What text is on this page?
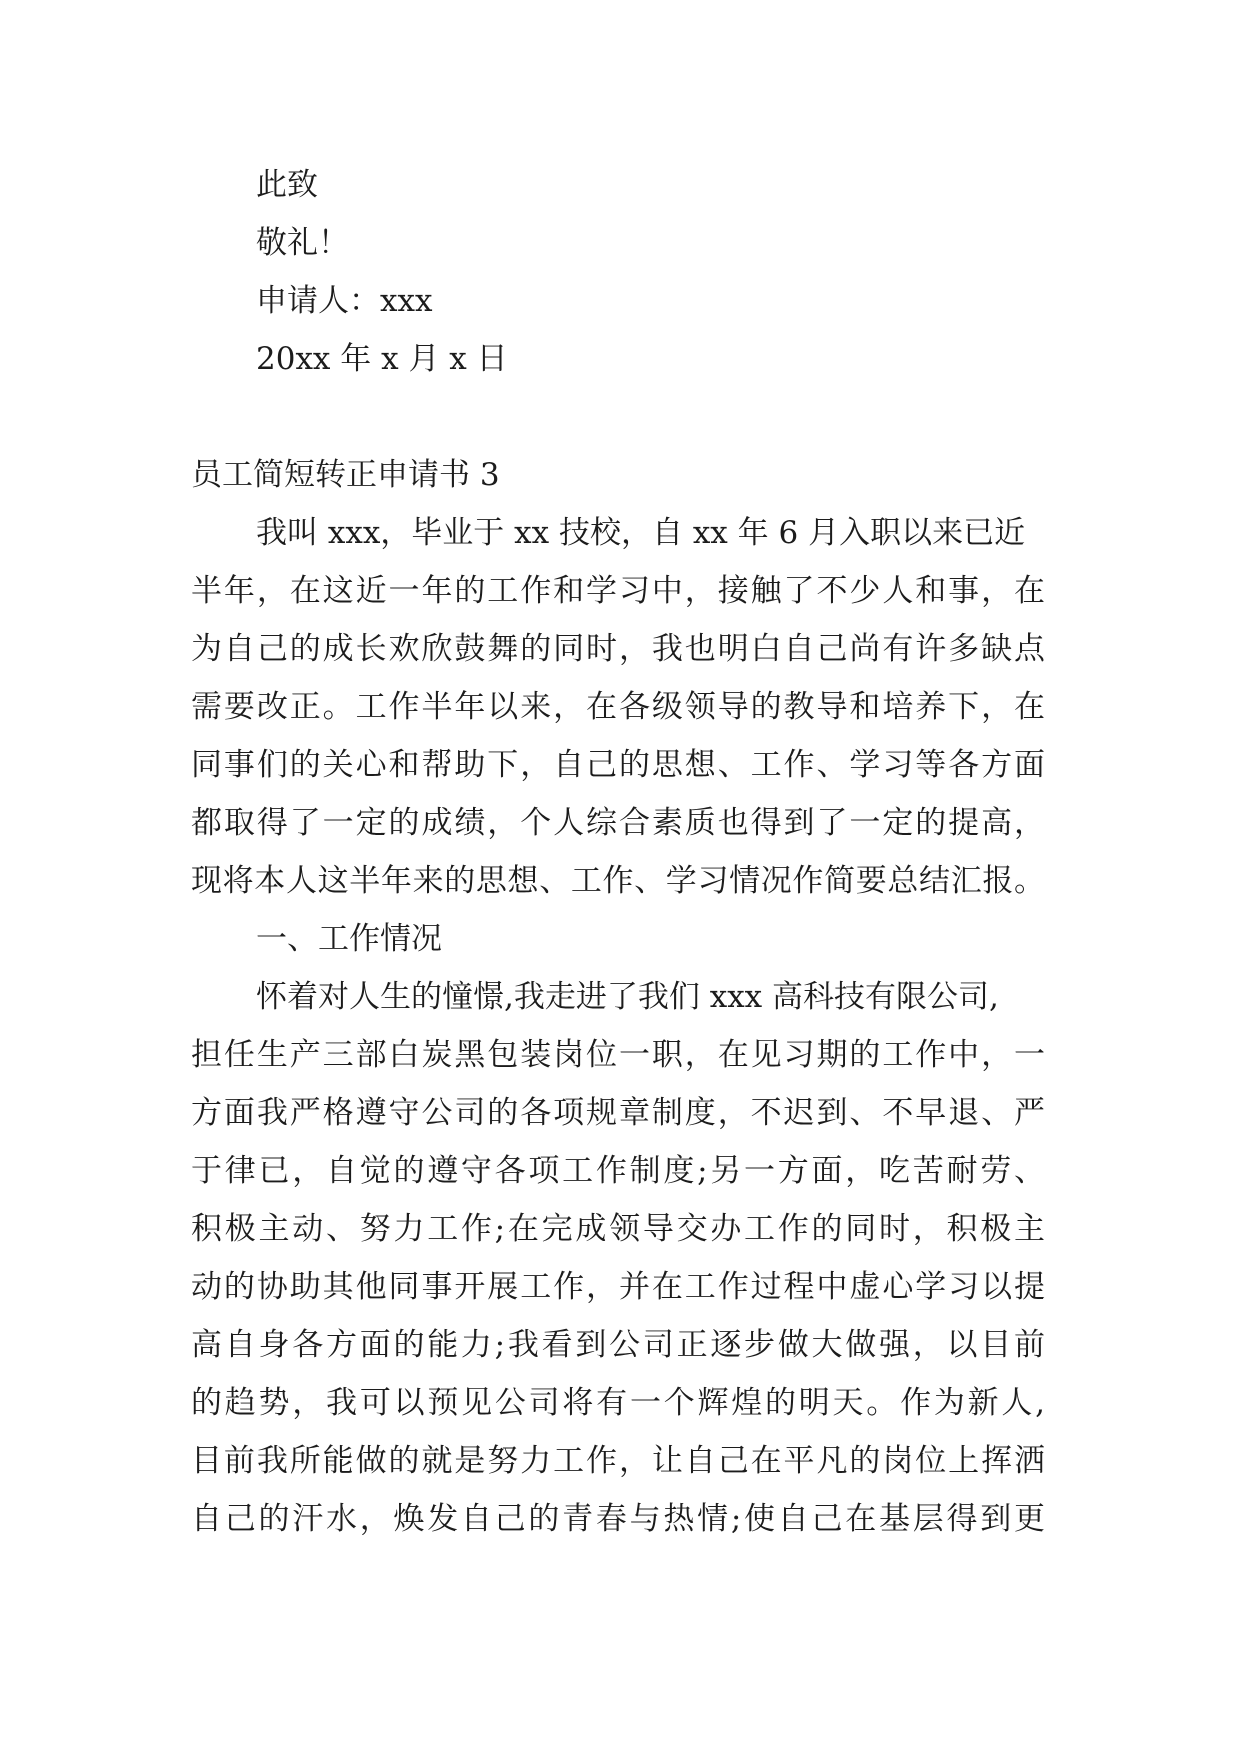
此致
敬礼！
申请人：xxx
20xx 年 x 月 x 日
员工简短转正申请书 3
我叫 xxx，毕业于 xx 技校，自 xx 年 6 月入职以来已近
半年，在这近一年的工作和学习中，接触了不少人和事，在
为自己的成长欢欣鼓舞的同时，我也明白自己尚有许多缺点
需要改正。工作半年以来，在各级领导的教导和培养下，在
同事们的关心和帮助下，自己的思想、工作、学习等各方面
都取得了一定的成绩，个人综合素质也得到了一定的提高，
现将本人这半年来的思想、工作、学习情况作简要总结汇报。
一、工作情况
怀着对人生的憧憬,我走进了我们 xxx 高科技有限公司,
担任生产三部白炭黑包装岗位一职，在见习期的工作中，一
方面我严格遵守公司的各项规章制度，不迟到、不早退、严
于律已，自觉的遵守各项工作制度;另一方面，吃苦耐劳、
积极主动、努力工作;在完成领导交办工作的同时，积极主
动的协助其他同事开展工作，并在工作过程中虚心学习以提
高自身各方面的能力;我看到公司正逐步做大做强，以目前
的趋势，我可以预见公司将有一个辉煌的明天。作为新人,
目前我所能做的就是努力工作，让自己在平凡的岗位上挥洒
自己的汗水，焕发自己的青春与热情;使自己在基层得到更
